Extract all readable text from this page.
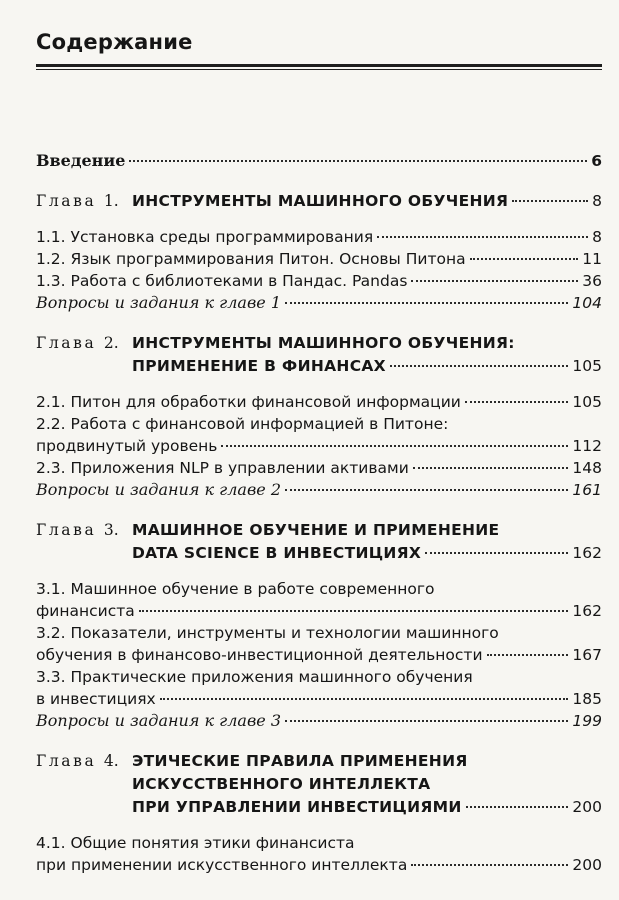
Содержание
Введение	6
Глава 1. ИНСТРУМЕНТЫ МАШИННОГО ОБУЧЕНИЯ	8
1.1. Установка среды программирования	8
1.2. Язык программирования Питон. Основы Питона	11
1.3. Работа с библиотеками в Пандас. Pandas	36
Вопросы и задания к главе 1	104
Глава 2. ИНСТРУМЕНТЫ МАШИННОГО ОБУЧЕНИЯ:
ПРИМЕНЕНИЕ В ФИНАНСАХ	105
2.1. Питон для обработки финансовой информации	105
2.2. Работа с финансовой информацией в Питоне:
продвинутый уровень	112
2.3. Приложения NLP в управлении активами	148
Вопросы и задания к главе 2	161
Глава 3. МАШИННОЕ ОБУЧЕНИЕ И ПРИМЕНЕНИЕ
DATA SCIENCE В ИНВЕСТИЦИЯХ	162
3.1. Машинное обучение в работе современного
финансиста	162
3.2. Показатели, инструменты и технологии машинного
обучения в финансово-инвестиционной деятельности	167
3.3. Практические приложения машинного обучения
в инвестициях	185
Вопросы и задания к главе 3	199
Глава 4. ЭТИЧЕСКИЕ ПРАВИЛА ПРИМЕНЕНИЯ
ИСКУССТВЕННОГО ИНТЕЛЛЕКТА
ПРИ УПРАВЛЕНИИ ИНВЕСТИЦИЯМИ	200
4.1. Общие понятия этики финансиста
при применении искусственного интеллекта	200
